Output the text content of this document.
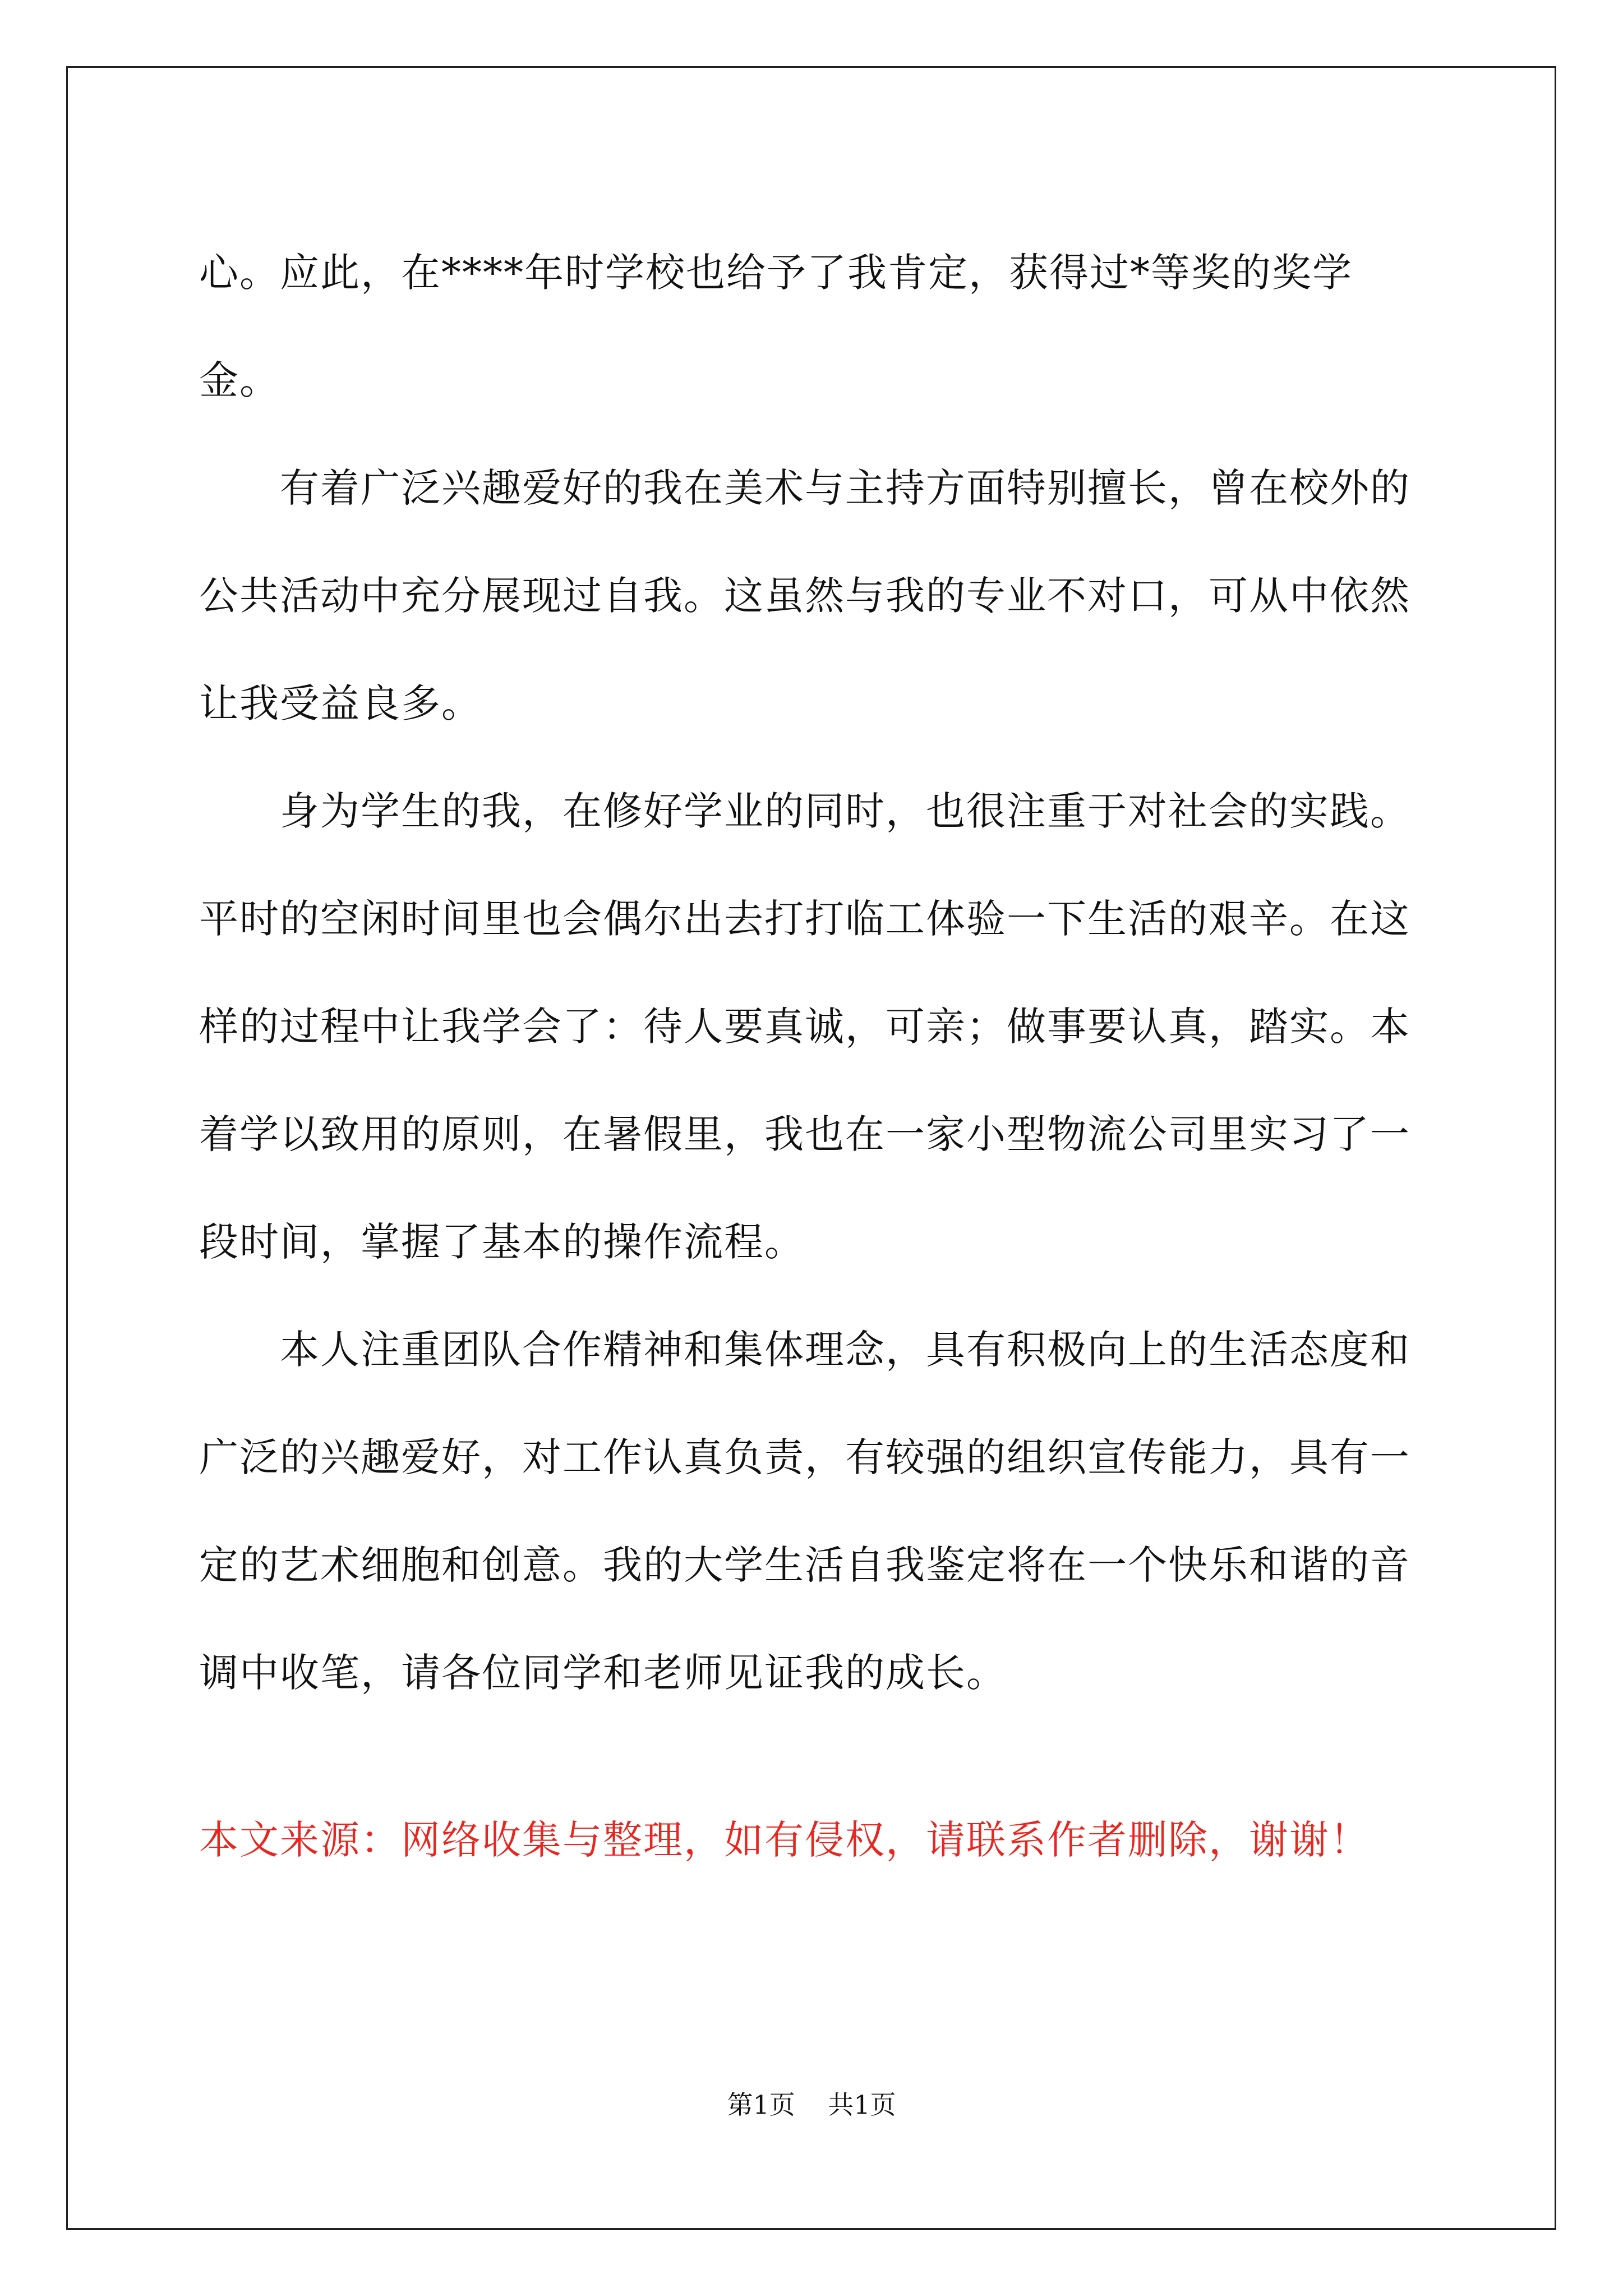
心。应此，在****年时学校也给予了我肯定，获得过*等奖的奖学金。

有着广泛兴趣爱好的我在美术与主持方面特别擅长，曾在校外的公共活动中充分展现过自我。这虽然与我的专业不对口，可从中依然让我受益良多。

身为学生的我，在修好学业的同时，也很注重于对社会的实践。平时的空闲时间里也会偶尔出去打打临工体验一下生活的艰辛。在这样的过程中让我学会了：待人要真诚，可亲；做事要认真，踏实。本着学以致用的原则，在暑假里，我也在一家小型物流公司里实习了一段时间，掌握了基本的操作流程。

本人注重团队合作精神和集体理念，具有积极向上的生活态度和广泛的兴趣爱好，对工作认真负责，有较强的组织宣传能力，具有一定的艺术细胞和创意。我的大学生活自我鉴定将在一个快乐和谐的音调中收笔，请各位同学和老师见证我的成长。

本文来源：网络收集与整理，如有侵权，请联系作者删除，谢谢！

第1页 共1页
